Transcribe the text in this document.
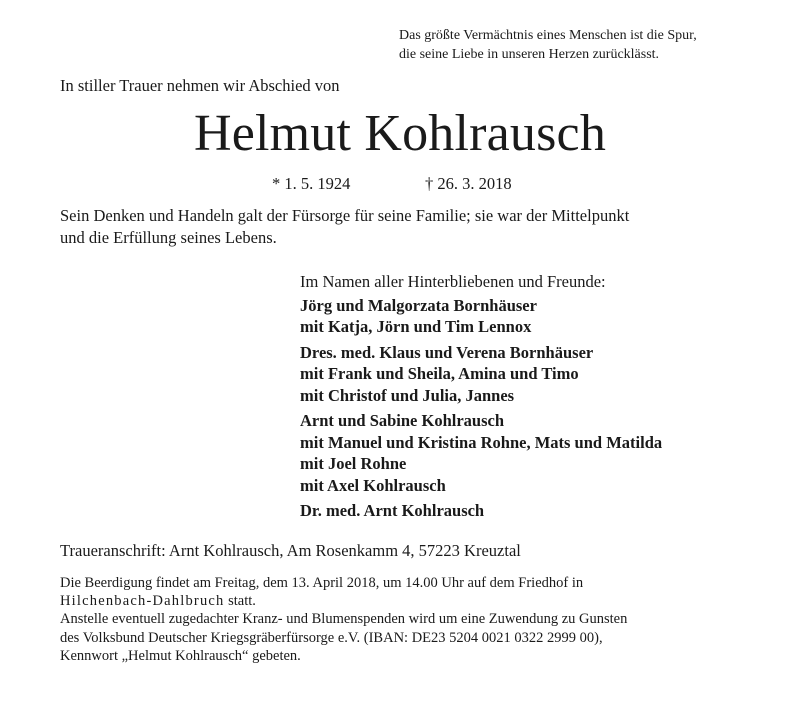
Das größte Vermächtnis eines Menschen ist die Spur,
die seine Liebe in unseren Herzen zurücklässt.
In stiller Trauer nehmen wir Abschied von
Helmut Kohlrausch
* 1. 5. 1924	† 26. 3. 2018
Sein Denken und Handeln galt der Fürsorge für seine Familie; sie war der Mittelpunkt
und die Erfüllung seines Lebens.
Im Namen aller Hinterbliebenen und Freunde:
Jörg und Malgorzata Bornhäuser
mit Katja, Jörn und Tim Lennox
Dres. med. Klaus und Verena Bornhäuser
mit Frank und Sheila, Amina und Timo
mit Christof und Julia, Jannes
Arnt und Sabine Kohlrausch
mit Manuel und Kristina Rohne, Mats und Matilda
mit Joel Rohne
mit Axel Kohlrausch
Dr. med. Arnt Kohlrausch
Traueranschrift: Arnt Kohlrausch, Am Rosenkamm 4, 57223 Kreuztal
Die Beerdigung findet am Freitag, dem 13. April 2018, um 14.00 Uhr auf dem Friedhof in
Hilchenbach-Dahlbruch statt.
Anstelle eventuell zugedachter Kranz- und Blumenspenden wird um eine Zuwendung zu Gunsten
des Volksbund Deutscher Kriegsgräberfürsorge e.V. (IBAN: DE23 5204 0021 0322 2999 00),
Kennwort „Helmut Kohlrausch“ gebeten.
